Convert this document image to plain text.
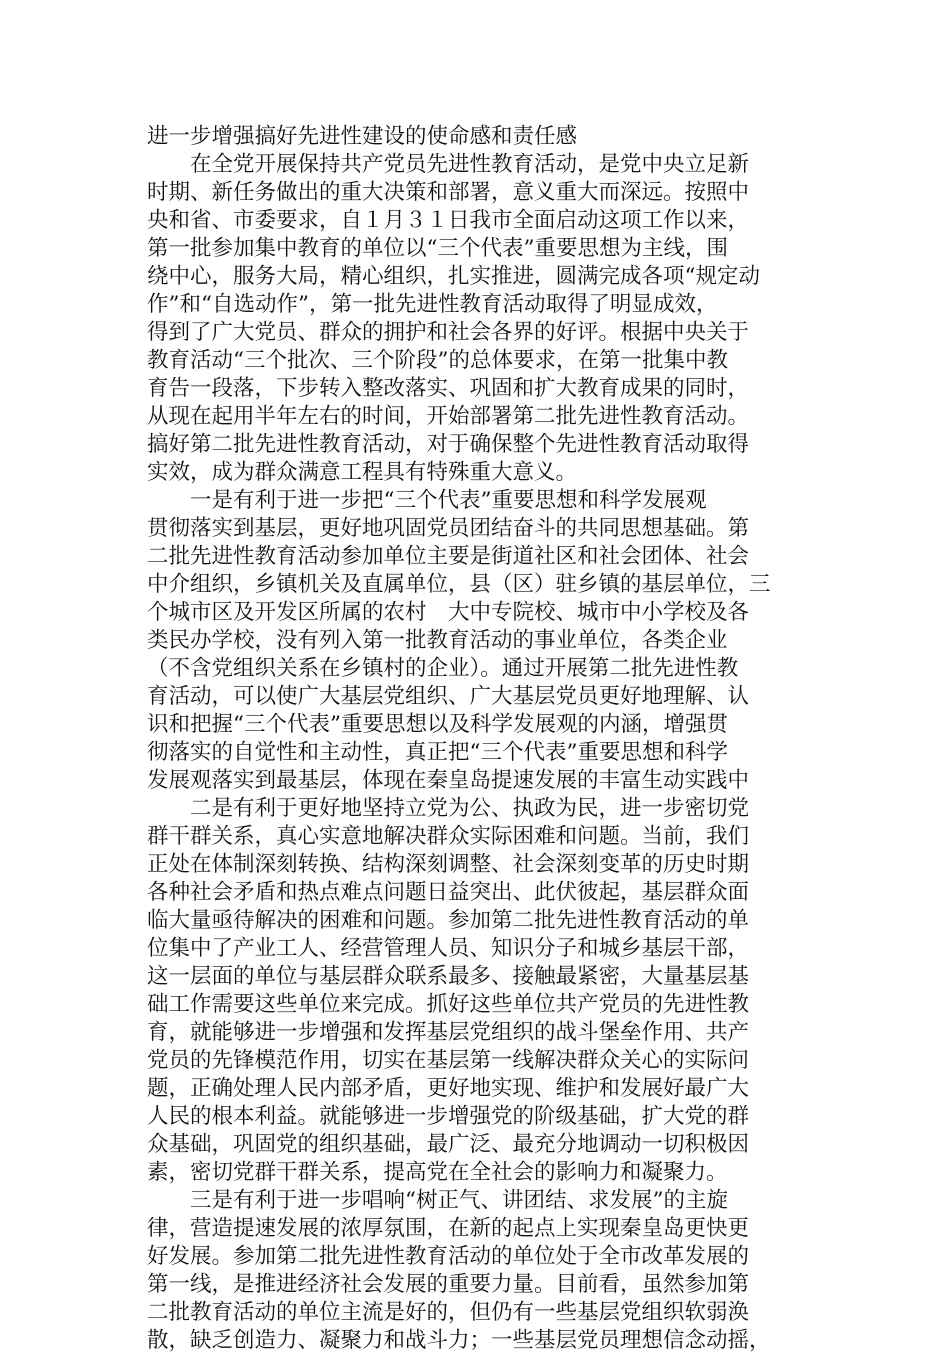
进一步增强搞好先进性建设的使命感和责任感
在全党开展保持共产党员先进性教育活动，是党中央立足新
时期、新任务做出的重大决策和部署，意义重大而深远。按照中
央和省、市委要求，自１月３１日我市全面启动这项工作以来，
第一批参加集中教育的单位以“三个代表”重要思想为主线，围
绕中心，服务大局，精心组织，扎实推进，圆满完成各项“规定动
作”和“自选动作”，第一批先进性教育活动取得了明显成效，
得到了广大党员、群众的拥护和社会各界的好评。根据中央关于
教育活动“三个批次、三个阶段”的总体要求，在第一批集中教
育告一段落，下步转入整改落实、巩固和扩大教育成果的同时，
从现在起用半年左右的时间，开始部署第二批先进性教育活动。
搞好第二批先进性教育活动，对于确保整个先进性教育活动取得
实效，成为群众满意工程具有特殊重大意义。
一是有利于进一步把“三个代表”重要思想和科学发展观
贯彻落实到基层，更好地巩固党员团结奋斗的共同思想基础。第
二批先进性教育活动参加单位主要是街道社区和社会团体、社会
中介组织，乡镇机关及直属单位，县（区）驻乡镇的基层单位，三
个城市区及开发区所属的农村　大中专院校、城市中小学校及各
类民办学校，没有列入第一批教育活动的事业单位，各类企业
（不含党组织关系在乡镇村的企业）。通过开展第二批先进性教
育活动，可以使广大基层党组织、广大基层党员更好地理解、认
识和把握“三个代表”重要思想以及科学发展观的内涵，增强贯
彻落实的自觉性和主动性，真正把“三个代表”重要思想和科学
发展观落实到最基层，体现在秦皇岛提速发展的丰富生动实践中
二是有利于更好地坚持立党为公、执政为民，进一步密切党
群干群关系，真心实意地解决群众实际困难和问题。当前，我们
正处在体制深刻转换、结构深刻调整、社会深刻变革的历史时期
各种社会矛盾和热点难点问题日益突出、此伏彼起，基层群众面
临大量亟待解决的困难和问题。参加第二批先进性教育活动的单
位集中了产业工人、经营管理人员、知识分子和城乡基层干部，
这一层面的单位与基层群众联系最多、接触最紧密，大量基层基
础工作需要这些单位来完成。抓好这些单位共产党员的先进性教
育，就能够进一步增强和发挥基层党组织的战斗堡垒作用、共产
党员的先锋模范作用，切实在基层第一线解决群众关心的实际问
题，正确处理人民内部矛盾，更好地实现、维护和发展好最广大
人民的根本利益。就能够进一步增强党的阶级基础，扩大党的群
众基础，巩固党的组织基础，最广泛、最充分地调动一切积极因
素，密切党群干群关系，提高党在全社会的影响力和凝聚力。
三是有利于进一步唱响“树正气、讲团结、求发展”的主旋
律，营造提速发展的浓厚氛围，在新的起点上实现秦皇岛更快更
好发展。参加第二批先进性教育活动的单位处于全市改革发展的
第一线，是推进经济社会发展的重要力量。目前看，虽然参加第
二批教育活动的单位主流是好的，但仍有一些基层党组织软弱涣
散，缺乏创造力、凝聚力和战斗力；一些基层党员理想信念动摇，
